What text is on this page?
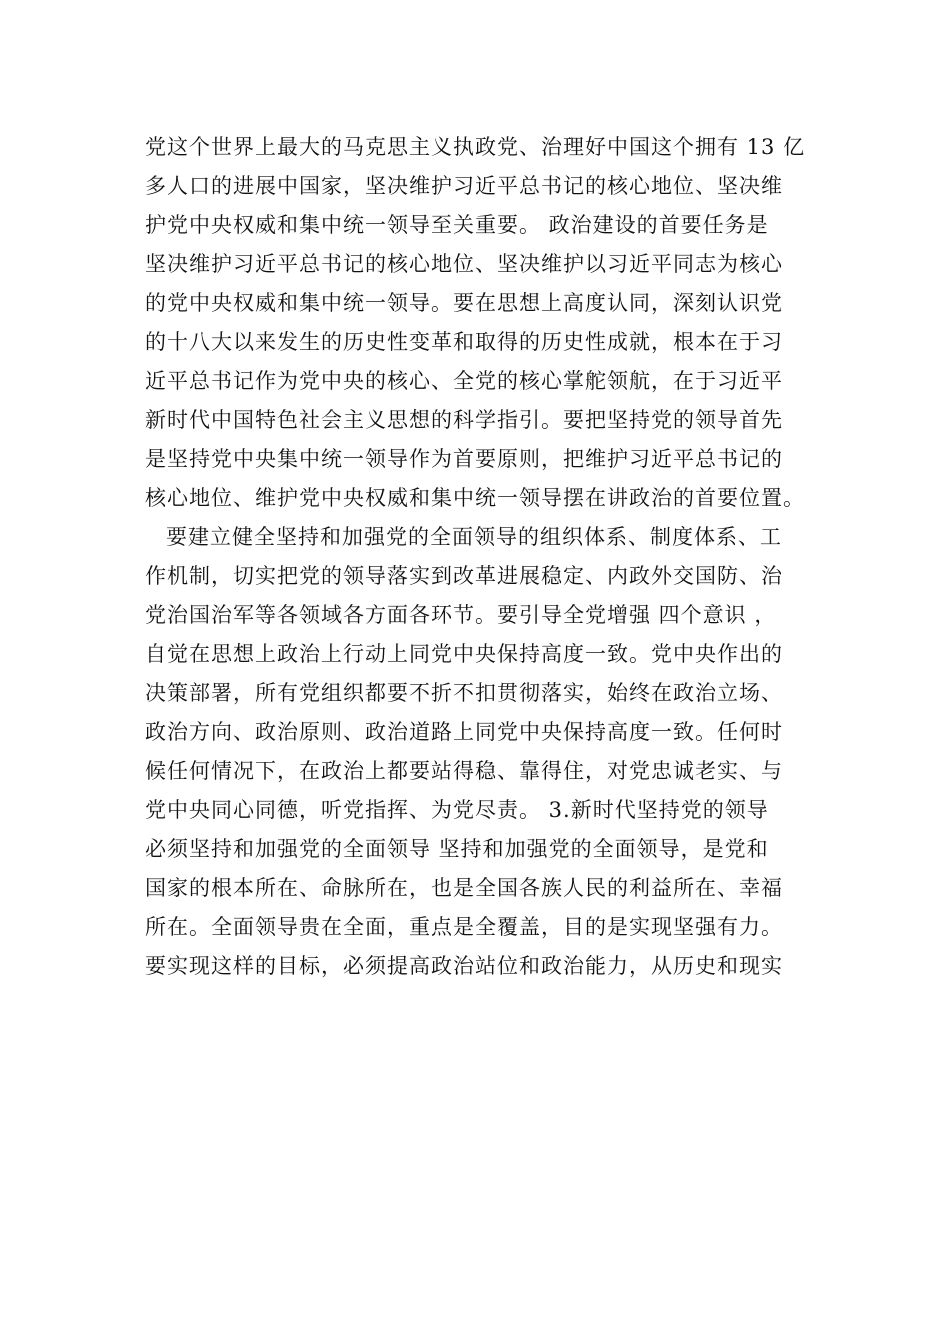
党这个世界上最大的马克思主义执政党、治理好中国这个拥有 13 亿
多人口的进展中国家，坚决维护习近平总书记的核心地位、坚决维
护党中央权威和集中统一领导至关重要。 政治建设的首要任务是
坚决维护习近平总书记的核心地位、坚决维护以习近平同志为核心
的党中央权威和集中统一领导。要在思想上高度认同，深刻认识党
的十八大以来发生的历史性变革和取得的历史性成就，根本在于习
近平总书记作为党中央的核心、全党的核心掌舵领航，在于习近平
新时代中国特色社会主义思想的科学指引。要把坚持党的领导首先
是坚持党中央集中统一领导作为首要原则，把维护习近平总书记的
核心地位、维护党中央权威和集中统一领导摆在讲政治的首要位置。
要建立健全坚持和加强党的全面领导的组织体系、制度体系、工
作机制，切实把党的领导落实到改革进展稳定、内政外交国防、治
党治国治军等各领域各方面各环节。要引导全党增强 四个意识 ，
自觉在思想上政治上行动上同党中央保持高度一致。党中央作出的
决策部署，所有党组织都要不折不扣贯彻落实，始终在政治立场、
政治方向、政治原则、政治道路上同党中央保持高度一致。任何时
候任何情况下，在政治上都要站得稳、靠得住，对党忠诚老实、与
党中央同心同德，听党指挥、为党尽责。 3.新时代坚持党的领导
必须坚持和加强党的全面领导 坚持和加强党的全面领导，是党和
国家的根本所在、命脉所在，也是全国各族人民的利益所在、幸福
所在。全面领导贵在全面，重点是全覆盖，目的是实现坚强有力。
要实现这样的目标，必须提高政治站位和政治能力，从历史和现实
